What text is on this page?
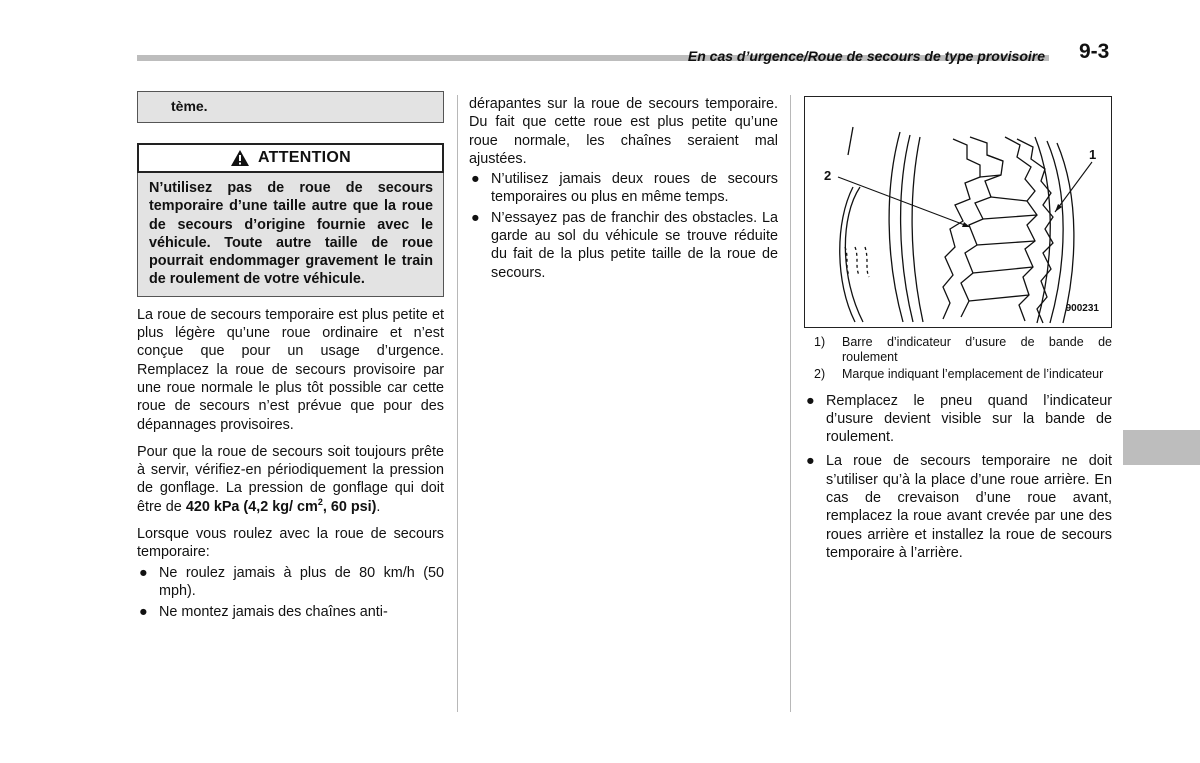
En cas d’urgence/Roue de secours de type provisoire 9-3
tème.
ATTENTION

N’utilisez pas de roue de secours temporaire d’une taille autre que la roue de secours d’origine fournie avec le véhicule. Toute autre taille de roue pourrait endommager gravement le train de roulement de votre véhicule.

La roue de secours temporaire est plus petite et plus légère qu’une roue ordinaire et n’est conçue que pour un usage d’urgence. Remplacez la roue de secours provisoire par une roue normale le plus tôt possible car cette roue de secours n’est prévue que pour des dépannages provisoires.

Pour que la roue de secours soit toujours prête à servir, vérifiez-en périodiquement la pression de gonflage. La pression de gonflage qui doit être de 420 kPa (4,2 kg/ $cm^2$, 60 psi).

Lorsque vous roulez avec la roue de secours temporaire:

● Ne roulez jamais à plus de 80 km/h (50 mph).
● Ne montez jamais des chaînes anti-

dérapantes sur la roue de secours temporaire. Du fait que cette roue est plus petite qu’une roue normale, les chaînes seraient mal ajustées.

● N’utilisez jamais deux roues de secours temporaires ou plus en même temps.
● N’essayez pas de franchir des obstacles. La garde au sol du véhicule se trouve réduite du fait de la plus petite taille de la roue de secours.
1
2
900231
1)	Barre d’indicateur d’usure de bande de roulement
2)	Marque indiquant l’emplacement de l’indicateur
● Remplacez le pneu quand l’indicateur d’usure devient visible sur la bande de roulement.
● La roue de secours temporaire ne doit s’utiliser qu’à la place d’une roue arrière. En cas de crevaison d’une roue avant, remplacez la roue avant crevée par une des roues arrière et installez la roue de secours temporaire à l’arrière.
